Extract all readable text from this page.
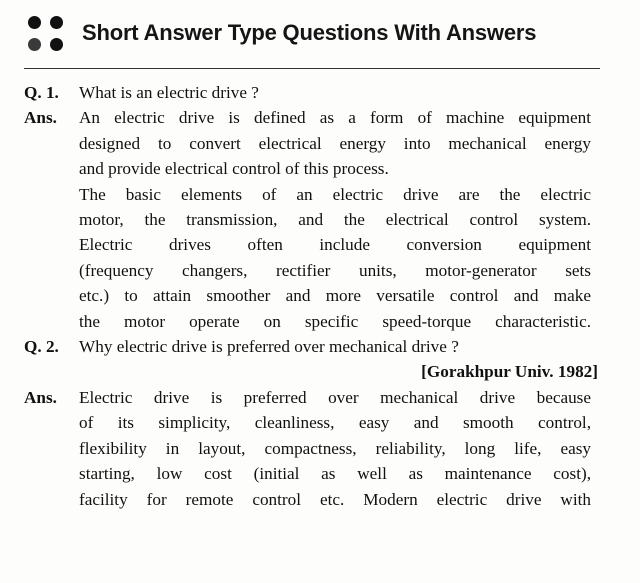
Short Answer Type Questions With Answers
Q. 1.	What is an electric drive ?
Ans.	An electric drive is defined as a form of machine equipment
designed to convert electrical energy into mechanical energy
and provide electrical control of this process.
The basic elements of an electric drive are the electric
motor, the transmission, and the electrical control system.
Electric drives often include conversion equipment
(frequency changers, rectifier units, motor-generator sets
etc.) to attain smoother and more versatile control and make
the motor operate on specific speed-torque characteristic.
Q. 2.	Why electric drive is preferred over mechanical drive ?
[Gorakhpur Univ. 1982]
Ans.	Electric drive is preferred over mechanical drive because
of its simplicity, cleanliness, easy and smooth control,
flexibility in layout, compactness, reliability, long life, easy
starting, low cost (initial as well as maintenance cost),
facility for remote control etc. Modern electric drive with
